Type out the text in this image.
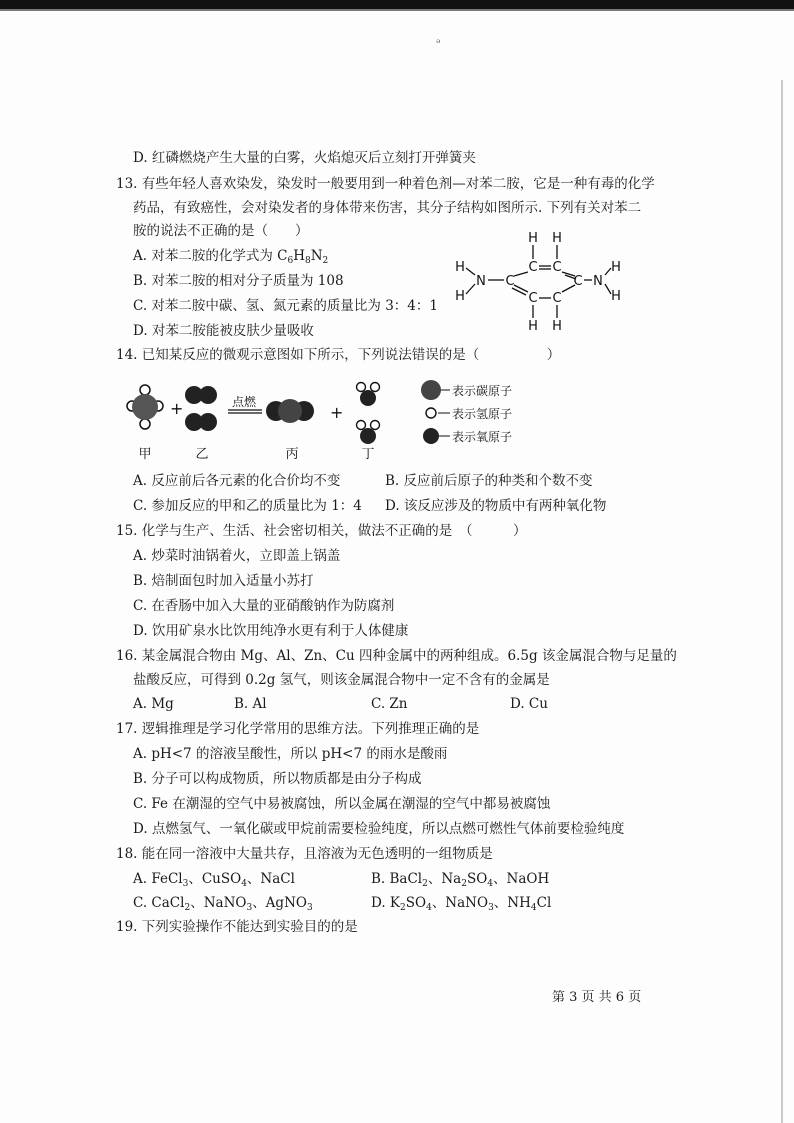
ᵊ
D. 红磷燃烧产生大量的白雾，火焰熄灭后立刻打开弹簧夹
13. 有些年轻人喜欢染发，染发时一般要用到一种着色剂—对苯二胺，它是一种有毒的化学
药品，有致癌性，会对染发者的身体带来伤害，其分子结构如图所示. 下列有关对苯二
胺的说法不正确的是（　　）
A. 对苯二胺的化学式为 $C_6H_8N_2$
B. 对苯二胺的相对分子质量为 108
C. 对苯二胺中碳、氢、氮元素的质量比为 3：4：1
D. 对苯二胺能被皮肤少量吸收
H H
C C
H
H
N C	C N
H
H
C C
H H
14. 已知某反应的微观示意图如下所示，下列说法错误的是（　　　　　）
+	点燃
+
甲	乙	丙	丁
表示碳原子
表示氢原子
表示氧原子
A. 反应前后各元素的化合价均不变	B. 反应前后原子的种类和个数不变
C. 参加反应的甲和乙的质量比为 1：4 D. 该反应涉及的物质中有两种氧化物
15. 化学与生产、生活、社会密切相关，做法不正确的是　（　　　）
A. 炒菜时油锅着火，立即盖上锅盖
B. 焙制面包时加入适量小苏打
C. 在香肠中加入大量的亚硝酸钠作为防腐剂
D. 饮用矿泉水比饮用纯净水更有利于人体健康
16. 某金属混合物由 Mg、Al、Zn、Cu 四种金属中的两种组成。6.5g 该金属混合物与足量的
盐酸反应，可得到 0.2g 氢气，则该金属混合物中一定不含有的金属是
A. Mg	B. Al	C. Zn	D. Cu
17. 逻辑推理是学习化学常用的思维方法。下列推理正确的是
A. pH<7 的溶液呈酸性，所以 pH<7 的雨水是酸雨
B. 分子可以构成物质，所以物质都是由分子构成
C. Fe 在潮湿的空气中易被腐蚀，所以金属在潮湿的空气中都易被腐蚀
D. 点燃氢气、一氧化碳或甲烷前需要检验纯度，所以点燃可燃性气体前要检验纯度
18. 能在同一溶液中大量共存，且溶液为无色透明的一组物质是
A. FeCl$_3$、CuSO$_4$、NaCl	B. BaCl$_2$、$Na_2SO_4$、NaOH
C. CaCl$_2$、NaNO$_3$、AgNO$_3$	D. $K_2SO_4$、NaNO$_3$、$NH_4Cl$
19. 下列实验操作不能达到实验目的的是
第 3 页 共 6 页
